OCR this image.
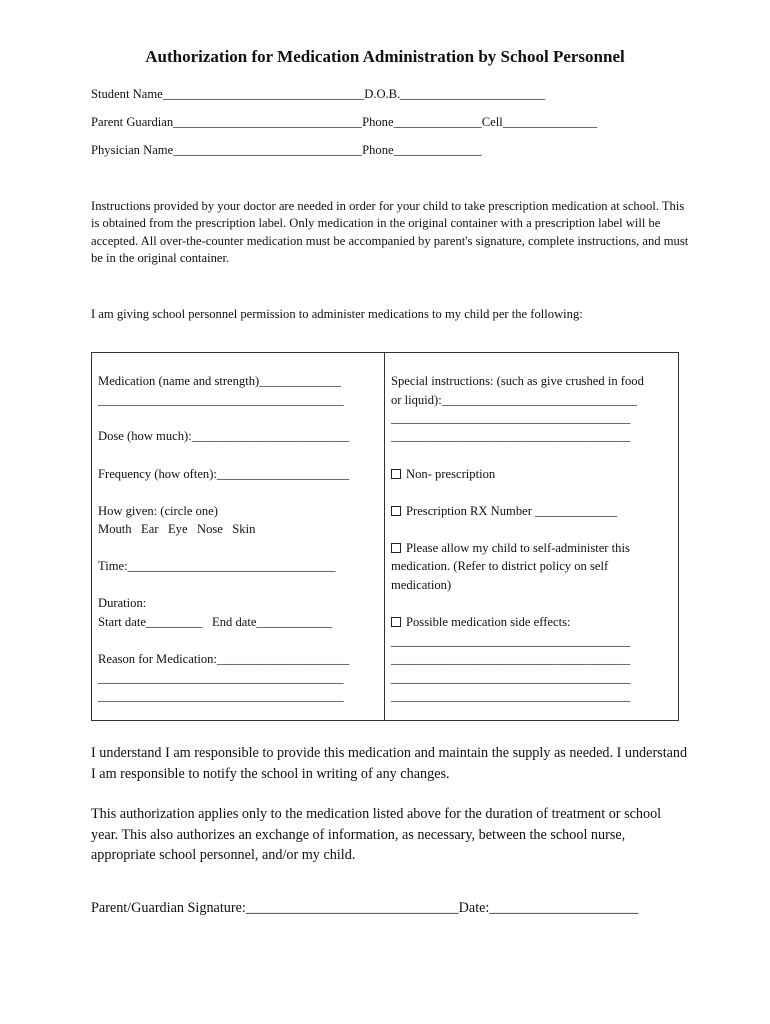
Authorization for Medication Administration by School Personnel
Student Name________________________________D.O.B._______________________
Parent Guardian______________________________Phone______________Cell_______________
Physician Name______________________________Phone______________
Instructions provided by your doctor are needed in order for your child to take prescription medication at school. This is obtained from the prescription label. Only medication in the original container with a prescription label will be accepted. All over-the-counter medication must be accompanied by parent's signature, complete instructions, and must be in the original container.
I am giving school personnel permission to administer medications to my child per the following:
Medication (name and strength)_____________
_______________________________________
Dose (how much):_________________________
Frequency (how often):_____________________
How given: (circle one)
Mouth   Ear   Eye   Nose   Skin
Time:_________________________________
Duration:
Start date_________   End date____________
Reason for Medication:_____________________
_______________________________________
_______________________________________
Special instructions: (such as give crushed in food
or liquid):_______________________________
______________________________________
______________________________________
Non- prescription
Prescription RX Number _____________
Please allow my child to self-administer this
medication. (Refer to district policy on self
medication)
Possible medication side effects:
______________________________________
______________________________________
______________________________________
______________________________________
I understand I am responsible to provide this medication and maintain the supply as needed. I understand I am responsible to notify the school in writing of any changes.
This authorization applies only to the medication listed above for the duration of treatment or school year. This also authorizes an exchange of information, as necessary, between the school nurse, appropriate school personnel, and/or my child.
Parent/Guardian Signature:______________________________Date:_____________________
